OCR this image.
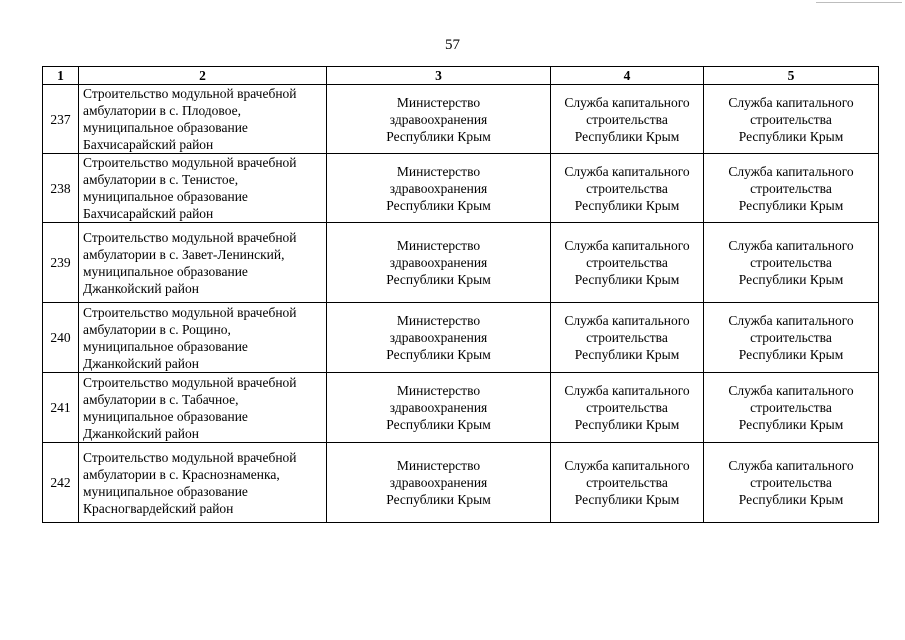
57
1	2	3	4	5

237	Строительство модульной врачебной
амбулатории в с. Плодовое,
муниципальное образование
Бахчисарайский район	Министерство
здравоохранения
Республики Крым	Служба капитального
строительства
Республики Крым	Служба капитального
строительства
Республики Крым

238	Строительство модульной врачебной
амбулатории в с. Тенистое,
муниципальное образование
Бахчисарайский район	Министерство
здравоохранения
Республики Крым	Служба капитального
строительства
Республики Крым	Служба капитального
строительства
Республики Крым

239	Строительство модульной врачебной
амбулатории в с. Завет-Ленинский,
муниципальное образование
Джанкойский район	Министерство
здравоохранения
Республики Крым	Служба капитального
строительства
Республики Крым	Служба капитального
строительства
Республики Крым

240	Строительство модульной врачебной
амбулатории в с. Рощино,
муниципальное образование
Джанкойский район	Министерство
здравоохранения
Республики Крым	Служба капитального
строительства
Республики Крым	Служба капитального
строительства
Республики Крым

241	Строительство модульной врачебной
амбулатории в с. Табачное,
муниципальное образование
Джанкойский район	Министерство
здравоохранения
Республики Крым	Служба капитального
строительства
Республики Крым	Служба капитального
строительства
Республики Крым

242	Строительство модульной врачебной
амбулатории в с. Краснознаменка,
муниципальное образование
Красногвардейский район	Министерство
здравоохранения
Республики Крым	Служба капитального
строительства
Республики Крым	Служба капитального
строительства
Республики Крым
